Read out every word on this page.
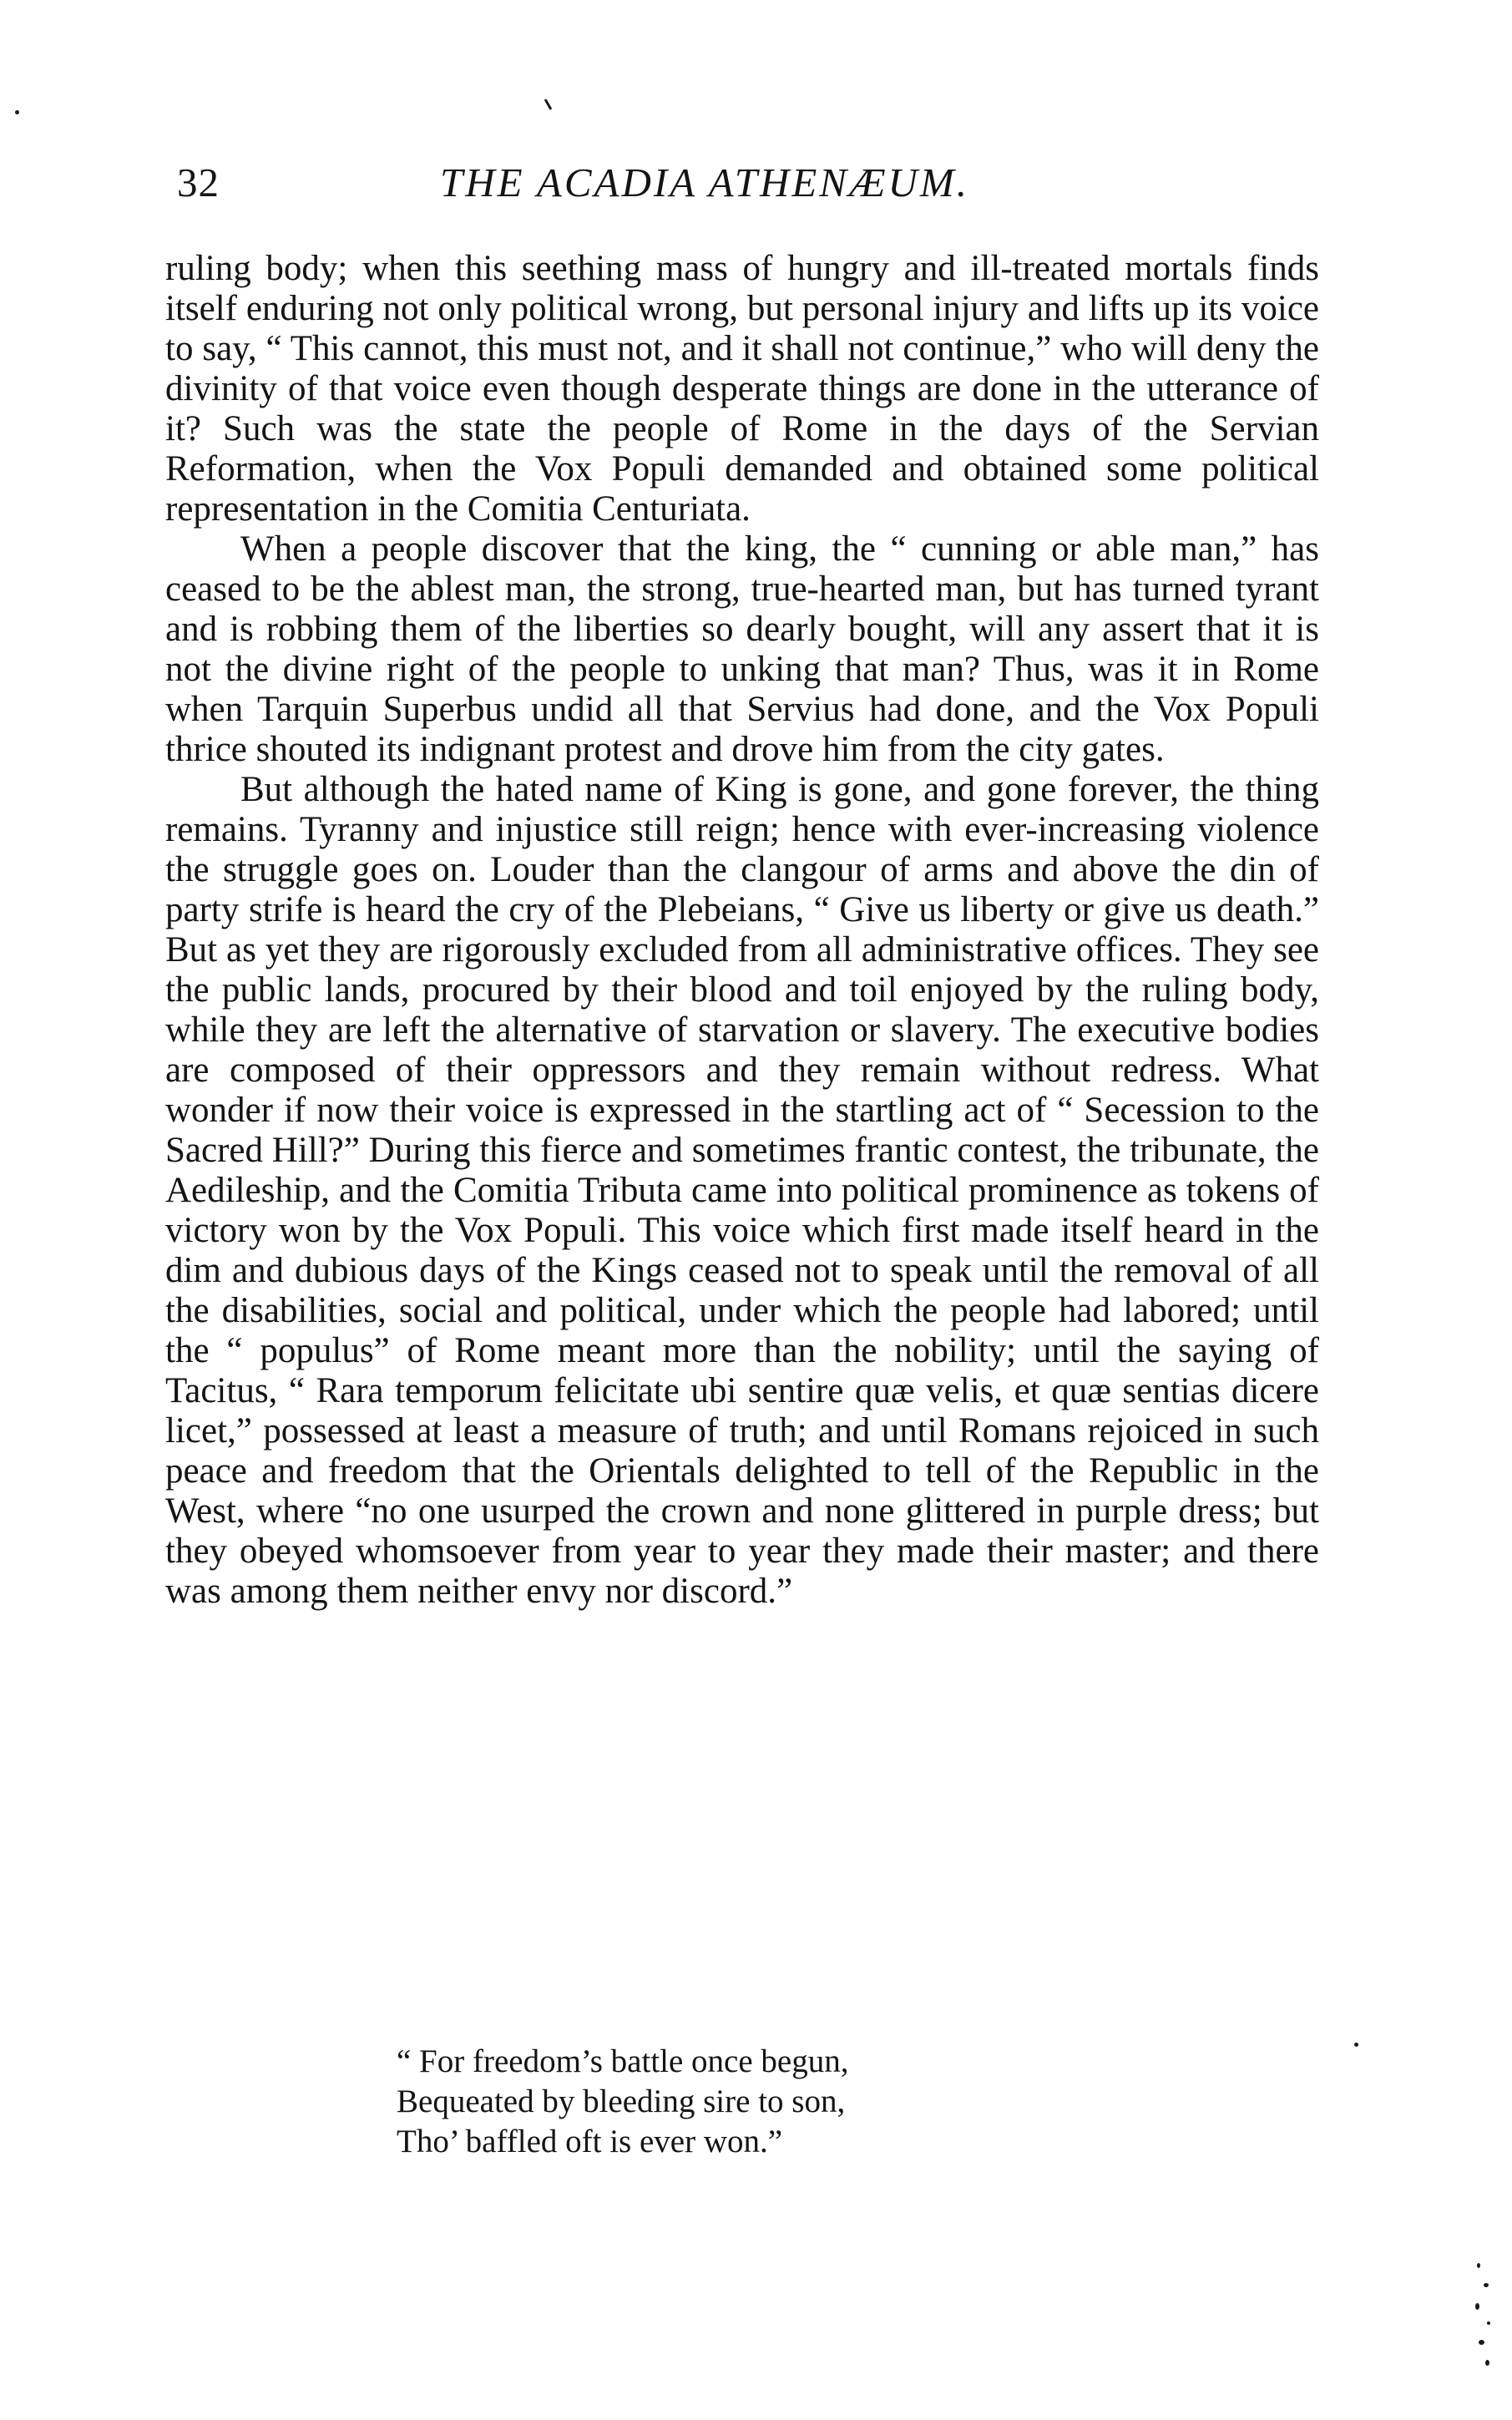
32	THE ACADIA ATHENÆUM.

ruling body; when this seething mass of hungry and ill-treated mortals finds itself enduring not only political wrong, but personal injury and lifts up its voice to say, “ This cannot, this must not, and it shall not continue,” who will deny the divinity of that voice even though desperate things are done in the utterance of it? Such was the state the people of Rome in the days of the Servian Reformation, when the Vox Populi demanded and obtained some political representation in the Comitia Centuriata.

When a people discover that the king, the “ cunning or able man,” has ceased to be the ablest man, the strong, true-hearted man, but has turned tyrant and is robbing them of the liberties so dearly bought, will any assert that it is not the divine right of the people to unking that man? Thus, was it in Rome when Tarquin Superbus undid all that Servius had done, and the Vox Populi thrice shouted its indignant protest and drove him from the city gates.

But although the hated name of King is gone, and gone forever, the thing remains. Tyranny and injustice still reign; hence with ever-increasing violence the struggle goes on. Louder than the clangour of arms and above the din of party strife is heard the cry of the Plebeians, “ Give us liberty or give us death.” But as yet they are rigorously excluded from all administrative offices. They see the public lands, procured by their blood and toil enjoyed by the ruling body, while they are left the alternative of starvation or slavery. The executive bodies are composed of their oppressors and they remain without redress. What wonder if now their voice is expressed in the startling act of “ Secession to the Sacred Hill?” During this fierce and sometimes frantic contest, the tribunate, the Aedileship, and the Comitia Tributa came into political prominence as tokens of victory won by the Vox Populi. This voice which first made itself heard in the dim and dubious days of the Kings ceased not to speak until the removal of all the disabilities, social and political, under which the people had labored; until the “ populus” of Rome meant more than the nobility; until the saying of Tacitus, “ Rara temporum felicitate ubi sentire quæ velis, et quæ sentias dicere licet,” possessed at least a measure of truth; and until Romans rejoiced in such peace and freedom that the Orientals delighted to tell of the Republic in the West, where “no one usurped the crown and none glittered in purple dress; but they obeyed whomsoever from year to year they made their master; and there was among them neither envy nor discord.”

“ For freedom’s battle once begun,
Bequeated by bleeding sire to son,
Tho’ baffled oft is ever won.”
